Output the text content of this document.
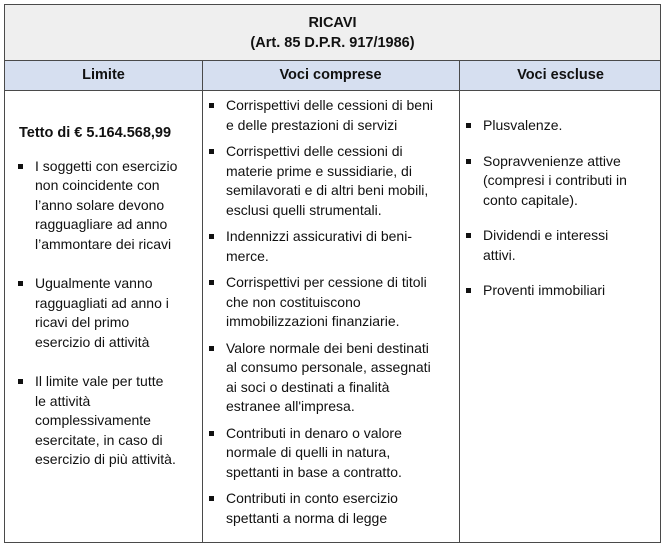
RICAVI
(Art. 85 D.P.R. 917/1986)
Limite	Voci comprese	Voci escluse
Tetto di € 5.164.568,99
I soggetti con esercizio
non coincidente con
l’anno solare devono
ragguagliare ad anno
l’ammontare dei ricavi
Ugualmente vanno
ragguagliati ad anno i
ricavi del primo
esercizio di attività
Il limite vale per tutte
le attività
complessivamente
esercitate, in caso di
esercizio di più attività.
Corrispettivi delle cessioni di beni
e delle prestazioni di servizi
Corrispettivi delle cessioni di
materie prime e sussidiarie, di
semilavorati e di altri beni mobili,
esclusi quelli strumentali.
Indennizzi assicurativi di beni-
merce.
Corrispettivi per cessione di titoli
che non costituiscono
immobilizzazioni finanziarie.
Valore normale dei beni destinati
al consumo personale, assegnati
ai soci o destinati a finalità
estranee all'impresa.
Contributi in denaro o valore
normale di quelli in natura,
spettanti in base a contratto.
Contributi in conto esercizio
spettanti a norma di legge
Plusvalenze.
Sopravvenienze attive
(compresi i contributi in
conto capitale).
Dividendi e interessi
attivi.
Proventi immobiliari
